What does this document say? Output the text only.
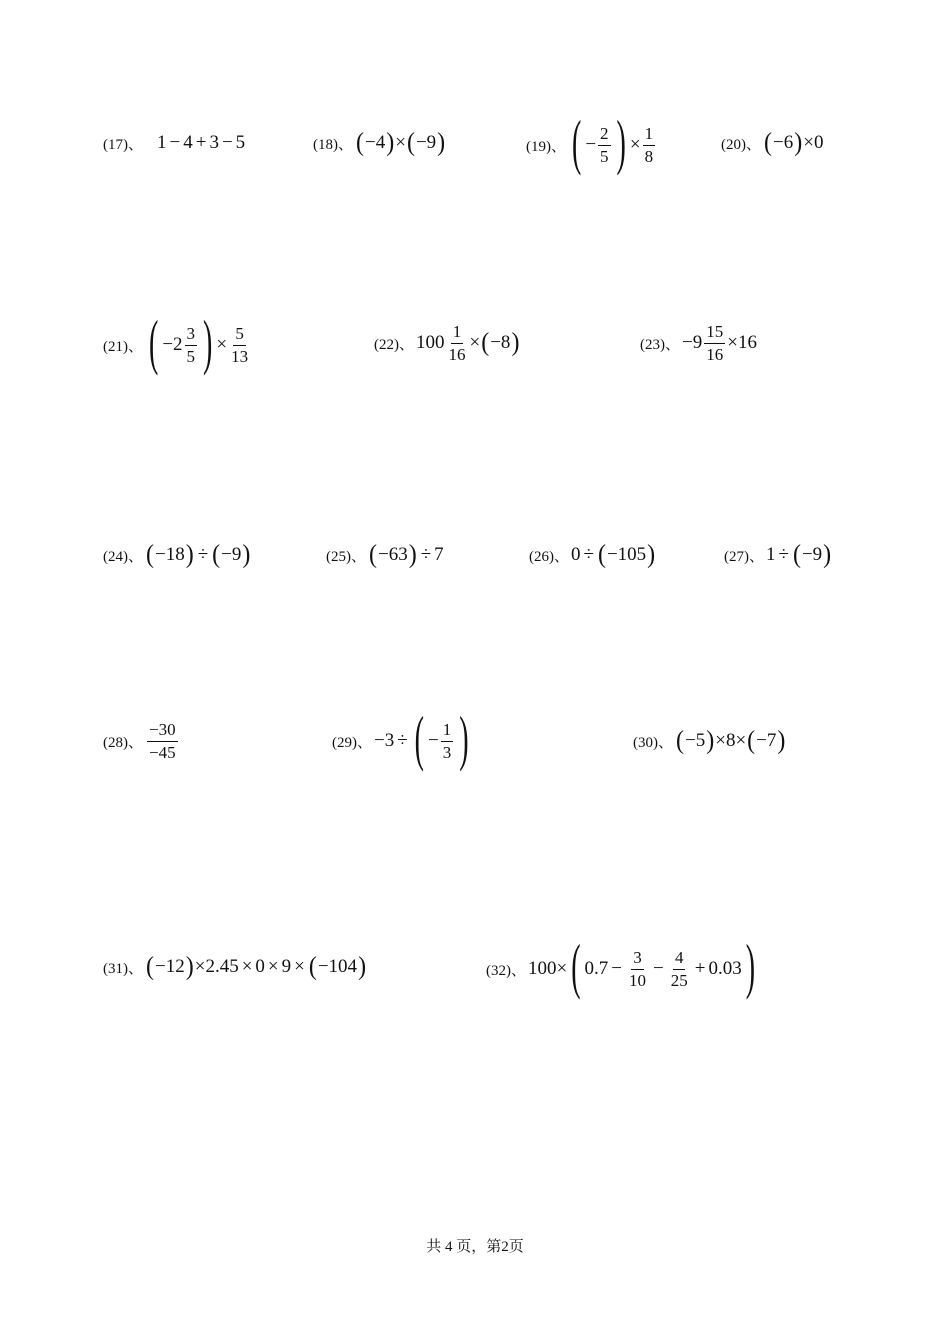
(17)、 1 − 4 + 3 − 5	(18)、 ( −4 ) × ( −9 )	(19)、 ( − $\frac{2}{5}$ ) × $\frac{1}{8}$	(20)、 ( −6 ) × 0
(21)、 ( $-2 \frac{3}{5}$ ) × $\frac{5}{13}$	(22)、 $100 \frac{1}{16}$ × ( −8 )	(23)、 $-9 \frac{15}{16} \times 16$
(24)、 ( −18 ) ÷ ( −9 )	(25)、 ( −63 ) ÷ 7	(26)、 0 ÷ ( −105 )	(27)、 1 ÷ ( −9 )
(28)、 $\frac{-30}{-45}$	(29)、 −3 ÷ ( − $\frac{1}{3}$ )	(30)、 ( −5 ) × 8 × ( −7 )
(31)、 ( −12 ) × 2.45 × 0 × 9 × ( −104 )	(32)、 100 × ( $0.7 - \frac{3}{10} - \frac{4}{25} + 0.03$ )
共 4 页，第2页
